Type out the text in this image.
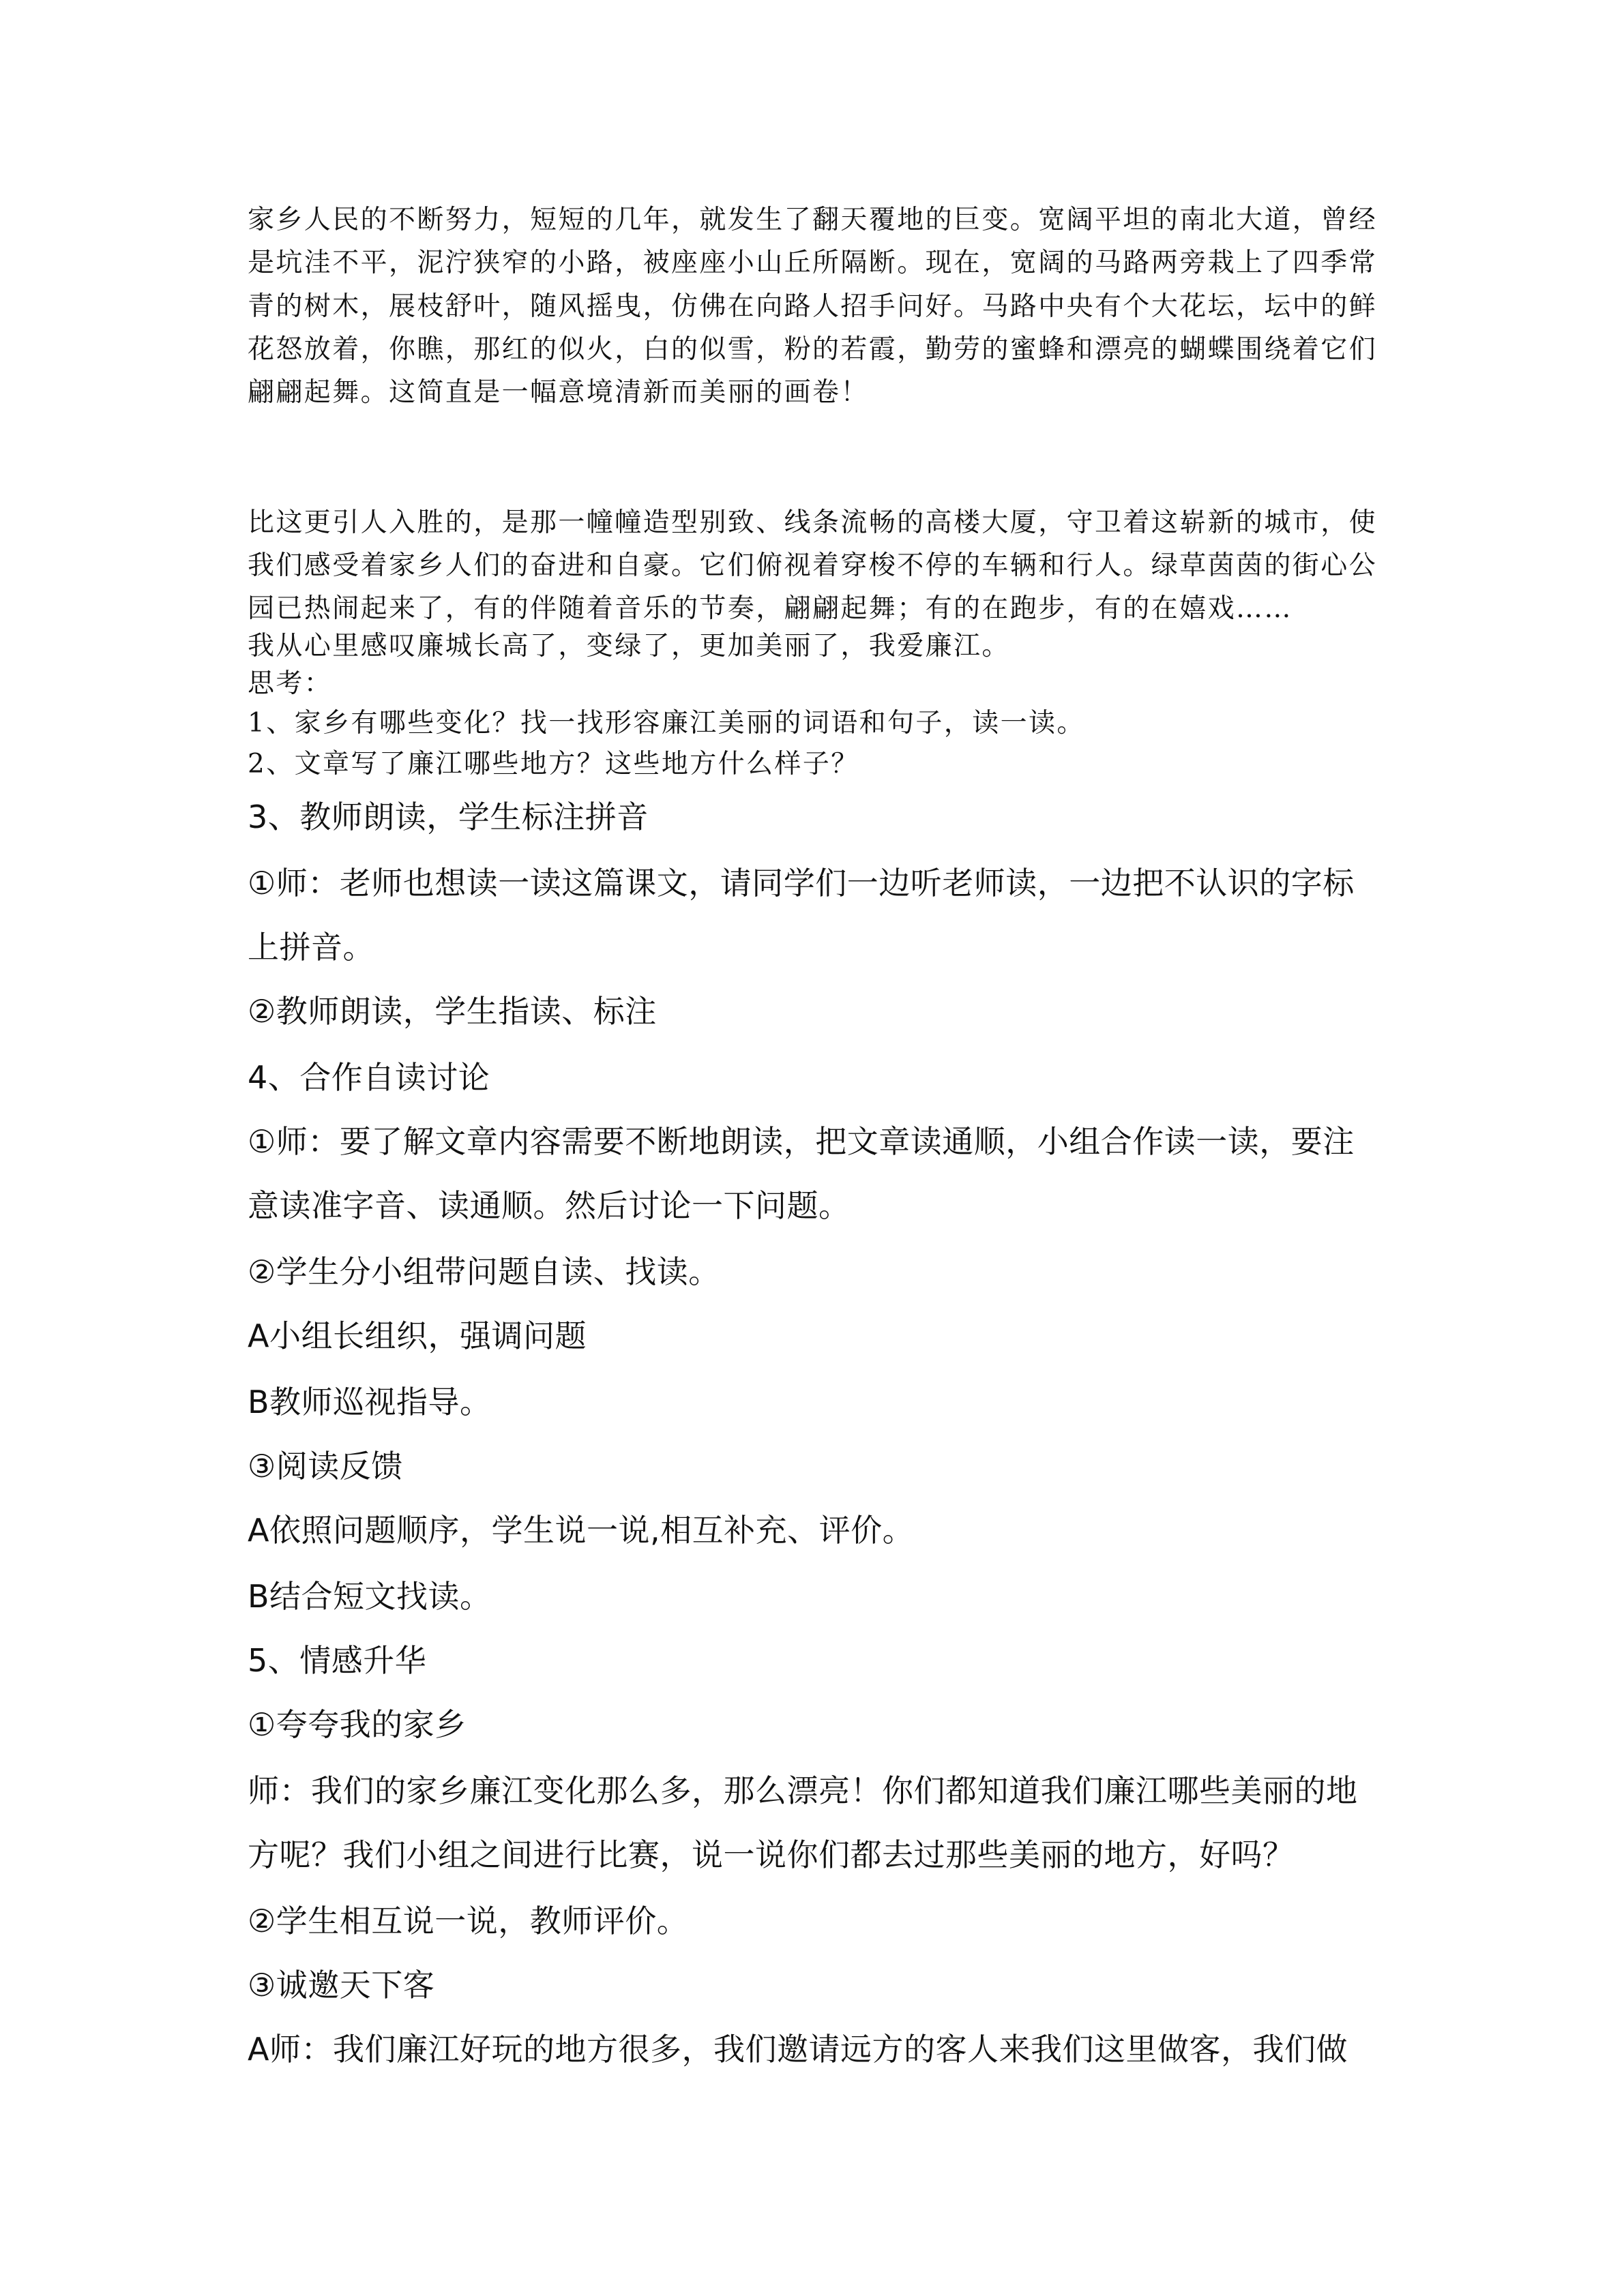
家乡人民的不断努力，短短的几年，就发生了翻天覆地的巨变。宽阔平坦的南北大道，曾经

是坑洼不平，泥泞狭窄的小路，被座座小山丘所隔断。现在，宽阔的马路两旁栽上了四季常

青的树木，展枝舒叶，随风摇曳，仿佛在向路人招手问好。马路中央有个大花坛，坛中的鲜

花怒放着，你瞧，那红的似火，白的似雪，粉的若霞，勤劳的蜜蜂和漂亮的蝴蝶围绕着它们

翩翩起舞。这简直是一幅意境清新而美丽的画卷！

比这更引人入胜的，是那一幢幢造型别致、线条流畅的高楼大厦，守卫着这崭新的城市，使

我们感受着家乡人们的奋进和自豪。它们俯视着穿梭不停的车辆和行人。绿草茵茵的街心公

园已热闹起来了，有的伴随着音乐的节奏，翩翩起舞；有的在跑步，有的在嬉戏……

我从心里感叹廉城长高了，变绿了，更加美丽了，我爱廉江。

思考：

1、家乡有哪些变化？找一找形容廉江美丽的词语和句子，读一读。

2、文章写了廉江哪些地方？这些地方什么样子？

3、教师朗读，学生标注拼音

①师：老师也想读一读这篇课文，请同学们一边听老师读，一边把不认识的字标

上拼音。

②教师朗读，学生指读、标注

4、合作自读讨论

①师：要了解文章内容需要不断地朗读，把文章读通顺，小组合作读一读，要注

意读准字音、读通顺。然后讨论一下问题。

②学生分小组带问题自读、找读。

A小组长组织，强调问题

B教师巡视指导。

③阅读反馈

A依照问题顺序，学生说一说,相互补充、评价。

B结合短文找读。

5、情感升华

①夸夸我的家乡

师：我们的家乡廉江变化那么多，那么漂亮！你们都知道我们廉江哪些美丽的地

方呢？我们小组之间进行比赛，说一说你们都去过那些美丽的地方，好吗？

②学生相互说一说，教师评价。

③诚邀天下客

A师：我们廉江好玩的地方很多，我们邀请远方的客人来我们这里做客，我们做
